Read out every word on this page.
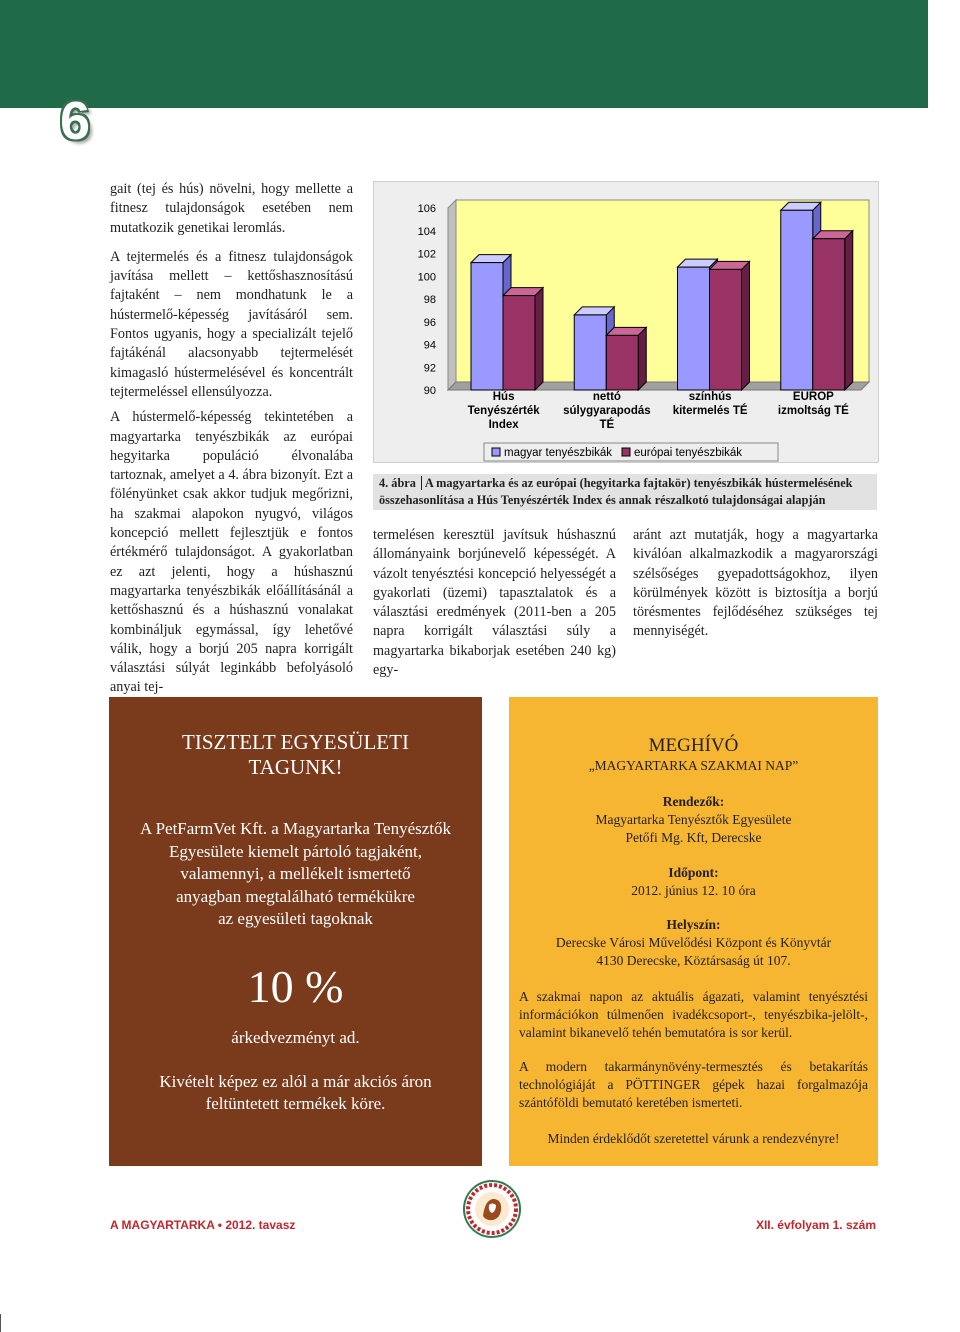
6

gait (tej és hús) növelni, hogy mellette a fitnesz tulajdonságok esetében nem mutatkozik genetikai leromlás.

A tejtermelés és a fitnesz tulajdonságok javítása mellett – kettőshasznosítású fajtaként – nem mondhatunk le a hústermelő-képesség javításáról sem. Fontos ugyanis, hogy a specializált tejelő fajtákénál alacsonyabb tejtermelését kimagasló hústermelésével és koncentrált tejtermeléssel ellensúlyozza.

A hústermelő-képesség tekintetében a magyartarka tenyészbikák az európai hegyitarka populáció élvonalába tartoznak, amelyet a 4. ábra bizonyít. Ezt a fölényünket csak akkor tudjuk megőrizni, ha szakmai alapokon nyugvó, világos koncepció mellett fejlesztjük e fontos értékmérő tulajdonságot. A gyakorlatban ez azt jelenti, hogy a húshasznú magyartarka tenyészbikák előállításánál a kettőshasznú és a húshasznú vonalakat kombinálјuk egymással, így lehetővé válik, hogy a borjú 205 napra korrigált választási súlyát leginkább befolyásoló anyai tej-

90
92
94
96
98
100
102
104
106
Hús
Tenyészérték
Index
nettó
súlygyarapodás
TÉ
színhús
kitermelés TÉ
EUROP
izmoltság TÉ
magyar tenyészbikák európai tenyészbikák
4. ábra A magyartarka és az európai (hegyitarka fajtakör) tenyészbikák hústermelésének összehasonlítása a Hús Tenyészérték Index és annak részalkotó tulajdonságai alapján

termelésen keresztül javítsuk húshasznú állományaink borjúnevelő képességét. A vázolt tenyésztési koncepció helyességét a gyakorlati (üzemi) tapasztalatok és a választási eredmények (2011-ben a 205 napra korrigált választási súly a magyartarka bikaborjak esetében 240 kg) egy-

aránt azt mutatják, hogy a magyartarka kiválóan alkalmazkodik a magyarországi szélsőséges gyepadottságokhoz, ilyen körülmények között is biztosítja a borjú törésmentes fejlődéséhez szükséges tej mennyiségét.

TISZTELT EGYESÜLETI
TAGUNK!
A PetFarmVet Kft. a Magyartarka Tenyésztők
Egyesülete kiemelt pártoló tagjaként,
valamennyi, a mellékelt ismertető
anyagban megtalálható termékükre
az egyesületi tagoknak
10 %
árkedvezményt ad.
Kivételt képez ez alól a már akciós áron
feltüntetett termékek köre.
MEGHÍVÓ
„MAGYARTARKA SZAKMAI NAP”
Rendezők:
Magyartarka Tenyésztők Egyesülete
Petőfi Mg. Kft, Derecske
Időpont:
2012. június 12. 10 óra
Helyszín:
Derecske Városi Művelődési Központ és Könyvtár
4130 Derecske, Köztársaság út 107.

A szakmai napon az aktuális ágazati, valamint tenyésztési információkon túlmenően ivadékcsoport-, tenyészbika-jelölt-, valamint bikanevelő tehén bemutatóra is sor kerül.

A modern takarmánynövény-termesztés és betakarítás technológiáját a PÖTTINGER gépek hazai forgalmazója szántóföldi bemutató keretében ismerteti.

Minden érdeklődőt szeretettel várunk a rendezvényre!
A MAGYARTARKA • 2012. tavasz	XII. évfolyam 1. szám
